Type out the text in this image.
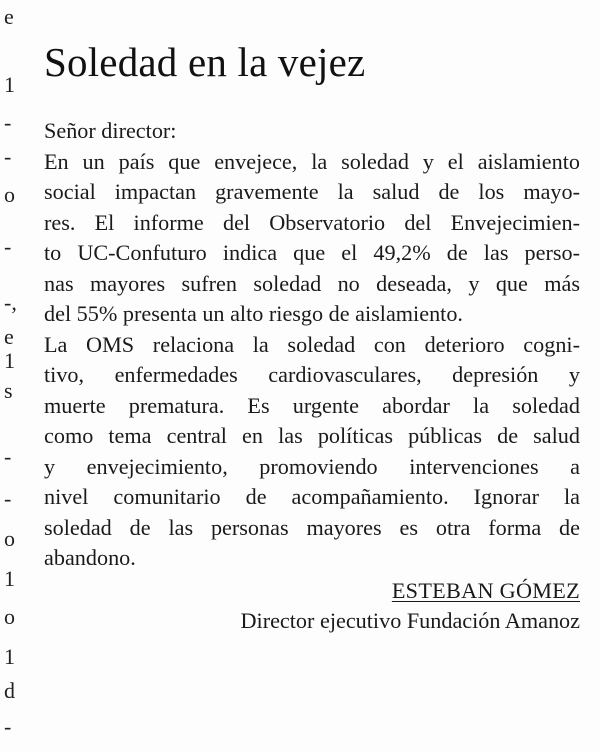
e
1
-
-
o
-
-,
e
1
s
-
-
o
1
o
1
d
-
Soledad en la vejez

Señor director:

En un país que envejece, la soledad y el aislamiento
social impactan gravemente la salud de los mayo-
res. El informe del Observatorio del Envejecimien-
to UC-Confuturo indica que el 49,2% de las perso-
nas mayores sufren soledad no deseada, y que más
del 55% presenta un alto riesgo de aislamiento.

La OMS relaciona la soledad con deterioro cogni-
tivo, enfermedades cardiovasculares, depresión y
muerte prematura. Es urgente abordar la soledad
como tema central en las políticas públicas de salud
y envejecimiento, promoviendo intervenciones a
nivel comunitario de acompañamiento. Ignorar la
soledad de las personas mayores es otra forma de
abandono.

ESTEBAN GÓMEZ
Director ejecutivo Fundación Amanoz
